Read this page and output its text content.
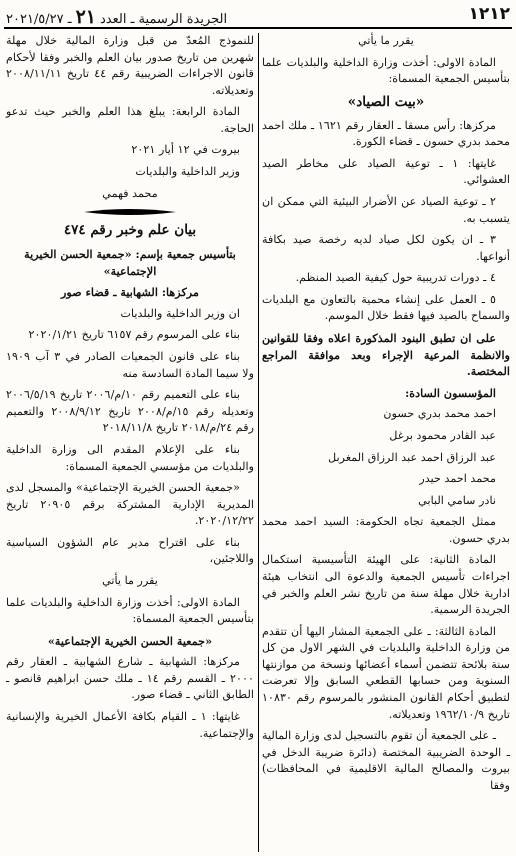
١٢١٢
الجريدة الرسمية ـ العدد٢١ـ ٢٠٢١/٥/٢٧

يقرر ما يأتي

المادة الاولى: أخذت وزارة الداخلية والبلديات علما بتأسيس الجمعية المسماة:

«بيت الصياد»

مركزها: رأس مسقا ـ العقار رقم ١٦٢١ ـ ملك احمد محمد بدري حسون ـ قضاء الكورة.

غايتها: ١ ـ توعية الصياد على مخاطر الصيد العشوائي.

٢ ـ توعية الصياد عن الأضرار البيئية التي ممكن ان يتسبب به.

٣ ـ ان يكون لكل صياد لديه رخصة صيد بكافة أنواعها.

٤ ـ دورات تدريبية حول كيفية الصيد المنظم.

٥ ـ العمل على إنشاء محمية بالتعاون مع البلديات والسماح بالصيد فيها فقط خلال الموسم.

على ان تطبق البنود المذكورة اعلاه وفقا للقوانين والانظمة المرعية الإجراء وبعد موافقة المراجع المختصة.

المؤسسون السادة:

احمد محمد بدري حسون

عبد القادر محمود برغل

عبد الرزاق احمد عبد الرزاق المغربل

محمد احمد حيدر

نادر سامي البابي

ممثل الجمعية تجاه الحكومة: السيد احمد محمد بدري حسون.

المادة الثانية: على الهيئة التأسيسية استكمال اجراءات تأسيس الجمعية والدعوة الى انتخاب هيئة ادارية خلال مهلة سنة من تاريخ نشر العلم والخبر في الجريدة الرسمية.

المادة الثالثة: ـ على الجمعية المشار اليها أن تتقدم من وزارة الداخلية والبلديات في الشهر الاول من كل سنة بلائحة تتضمن أسماء أعضائها ونسخة من موازنتها السنوية ومن حسابها القطعي السابق وإلا تعرضت لتطبيق أحكام القانون المنشور بالمرسوم رقم ١٠٨٣٠ تاريخ ١٩٦٢/١٠/٩ وتعديلاته.

ـ على الجمعية أن تقوم بالتسجيل لدى وزارة المالية ـ الوحدة الضريبية المختصة (دائرة ضريبة الدخل في بيروت والمصالح المالية الاقليمية في المحافظات) وفقا

للنموذج المُعدّ من قبل وزارة المالية خلال مهلة شهرين من تاريخ صدور بيان العلم والخبر وفقا لأحكام قانون الاجراءات الضريبية رقم ٤٤ تاريخ ٢٠٠٨/١١/١١ وتعديلاته.

المادة الرابعة: يبلغ هذا العلم والخبر حيث تدعو الحاجة.

بيروت في ١٢ أيار ٢٠٢١

وزير الداخلية والبلديات

محمد فهمي

بيان علم وخبر رقم ٤٧٤

بتأسيس جمعية بإسم: «جمعية الحسن الخيرية الإجتماعية»

مركزها: الشهابية ـ قضاء صور

ان وزير الداخلية والبلديات

بناء على المرسوم رقم ٦١٥٧ تاريخ ٢٠٢٠/١/٢١

بناء على قانون الجمعيات الصادر في ٣ آب ١٩٠٩ ولا سيما المادة السادسة منه

بناء على التعميم رقم ١٠/م/٢٠٠٦ تاريخ ٢٠٠٦/٥/١٩ وتعديله رقم ١٥/م/٢٠٠٨ تاريخ ٢٠٠٨/٩/١٢ والتعميم رقم ٢٤/م/٢٠١٨ تاريخ ٢٠١٨/١١/٨

بناء على الإعلام المقدم الى وزارة الداخلية والبلديات من مؤسسي الجمعية المسماة:

«جمعية الحسن الخيرية الإجتماعية» والمسجل لدى المديرية الإدارية المشتركة برقم ٢٠٩٠٥ تاريخ ٢٠٢٠/١٢/٢٢.

بناء على اقتراح مدير عام الشؤون السياسية واللاجئين،

يقرر ما يأتي

المادة الاولى: أخذت وزارة الداخلية والبلديات علما بتأسيس الجمعية المسماة:

«جمعية الحسن الخيرية الإجتماعية»

مركزها: الشهابية ـ شارع الشهابية ـ العقار رقم ٢٠٠٠ ـ القسم رقم ١٤ ـ ملك حسن ابراهيم قانصو ـ الطابق الثاني ـ قضاء صور.

غايتها: ١ ـ القيام بكافة الأعمال الخيرية والإنسانية والإجتماعية.
